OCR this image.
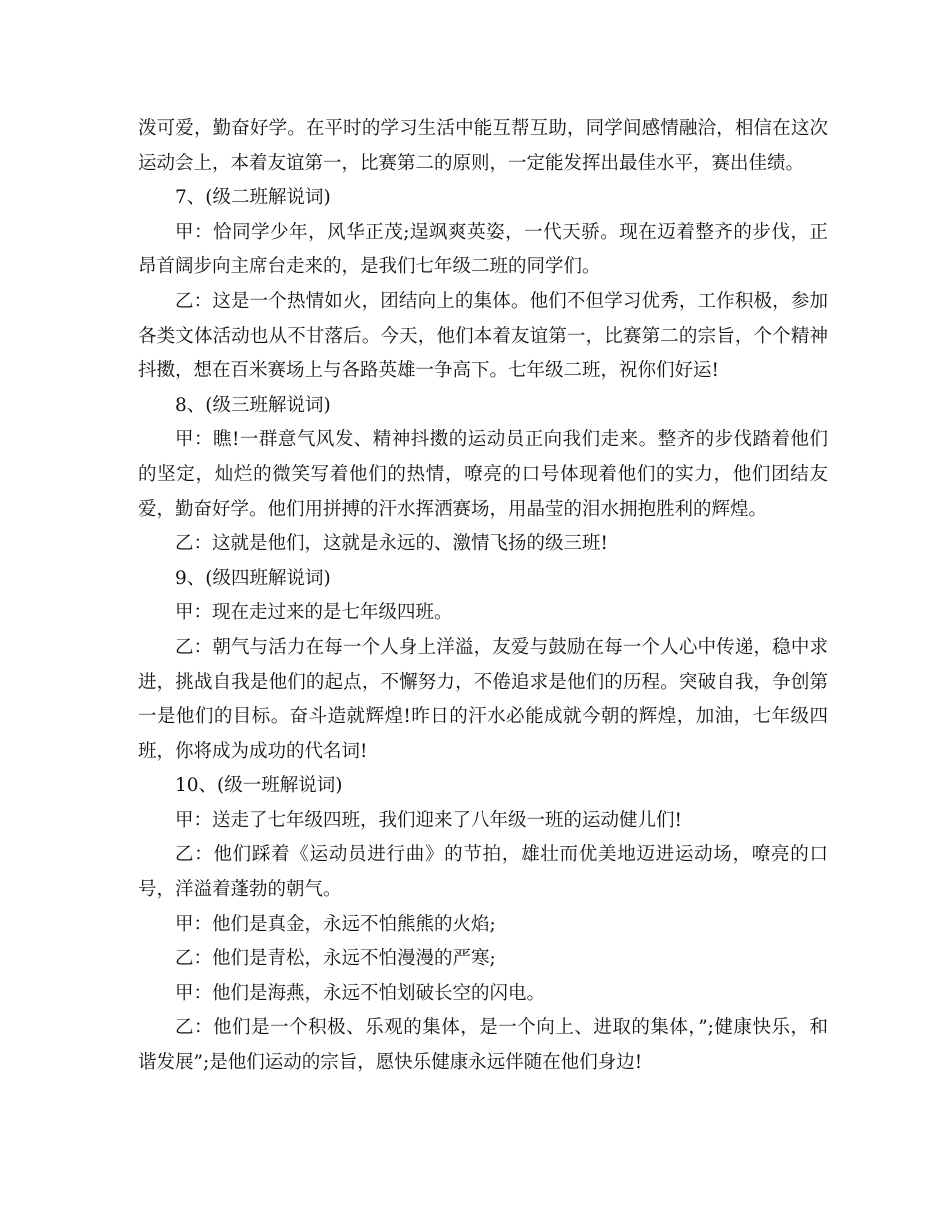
泼可爱，勤奋好学。在平时的学习生活中能互帮互助，同学间感情融洽，相信在这次运动会上，本着友谊第一，比赛第二的原则，一定能发挥出最佳水平，赛出佳绩。

7、(级二班解说词)

甲：恰同学少年，风华正茂;逞飒爽英姿，一代天骄。现在迈着整齐的步伐，正昂首阔步向主席台走来的，是我们七年级二班的同学们。

乙：这是一个热情如火，团结向上的集体。他们不但学习优秀，工作积极，参加各类文体活动也从不甘落后。今天，他们本着友谊第一，比赛第二的宗旨，个个精神抖擞，想在百米赛场上与各路英雄一争高下。七年级二班，祝你们好运!

8、(级三班解说词)

甲：瞧!一群意气风发、精神抖擞的运动员正向我们走来。整齐的步伐踏着他们的坚定，灿烂的微笑写着他们的热情，嘹亮的口号体现着他们的实力，他们团结友爱，勤奋好学。他们用拼搏的汗水挥洒赛场，用晶莹的泪水拥抱胜利的辉煌。

乙：这就是他们，这就是永远的、激情飞扬的级三班!

9、(级四班解说词)

甲：现在走过来的是七年级四班。

乙：朝气与活力在每一个人身上洋溢，友爱与鼓励在每一个人心中传递，稳中求进，挑战自我是他们的起点，不懈努力，不倦追求是他们的历程。突破自我，争创第一是他们的目标。奋斗造就辉煌!昨日的汗水必能成就今朝的辉煌，加油，七年级四班，你将成为成功的代名词!

10、(级一班解说词)

甲：送走了七年级四班，我们迎来了八年级一班的运动健儿们!

乙：他们踩着《运动员进行曲》的节拍，雄壮而优美地迈进运动场，嘹亮的口号，洋溢着蓬勃的朝气。

甲：他们是真金，永远不怕熊熊的火焰;

乙：他们是青松，永远不怕漫漫的严寒;

甲：他们是海燕，永远不怕划破长空的闪电。

乙：他们是一个积极、乐观的集体，是一个向上、进取的集体，”;健康快乐，和谐发展”;是他们运动的宗旨，愿快乐健康永远伴随在他们身边!
